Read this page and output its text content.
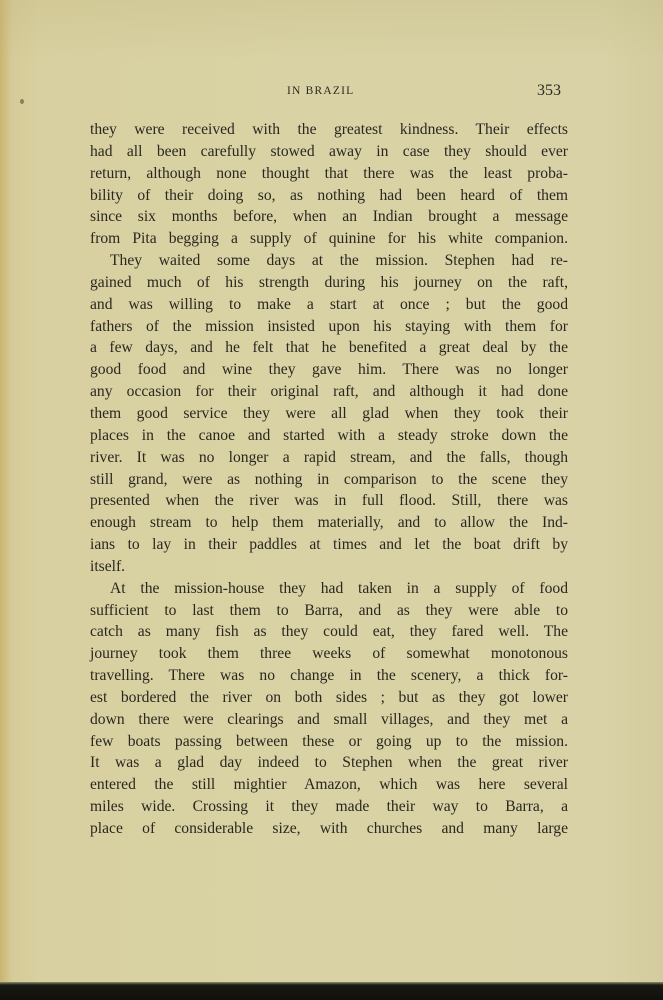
IN BRAZIL	353
they were received with the greatest kindness. Their effects
had all been carefully stowed away in case they should ever
return, although none thought that there was the least proba-
bility of their doing so, as nothing had been heard of them
since six months before, when an Indian brought a message
from Pita begging a supply of quinine for his white companion.
They waited some days at the mission. Stephen had re-
gained much of his strength during his journey on the raft,
and was willing to make a start at once ; but the good
fathers of the mission insisted upon his staying with them for
a few days, and he felt that he benefited a great deal by the
good food and wine they gave him. There was no longer
any occasion for their original raft, and although it had done
them good service they were all glad when they took their
places in the canoe and started with a steady stroke down the
river. It was no longer a rapid stream, and the falls, though
still grand, were as nothing in comparison to the scene they
presented when the river was in full flood. Still, there was
enough stream to help them materially, and to allow the Ind-
ians to lay in their paddles at times and let the boat drift by
itself.
At the mission-house they had taken in a supply of food
sufficient to last them to Barra, and as they were able to
catch as many fish as they could eat, they fared well. The
journey took them three weeks of somewhat monotonous
travelling. There was no change in the scenery, a thick for-
est bordered the river on both sides ; but as they got lower
down there were clearings and small villages, and they met a
few boats passing between these or going up to the mission.
It was a glad day indeed to Stephen when the great river
entered the still mightier Amazon, which was here several
miles wide. Crossing it they made their way to Barra, a
place of considerable size, with churches and many large
